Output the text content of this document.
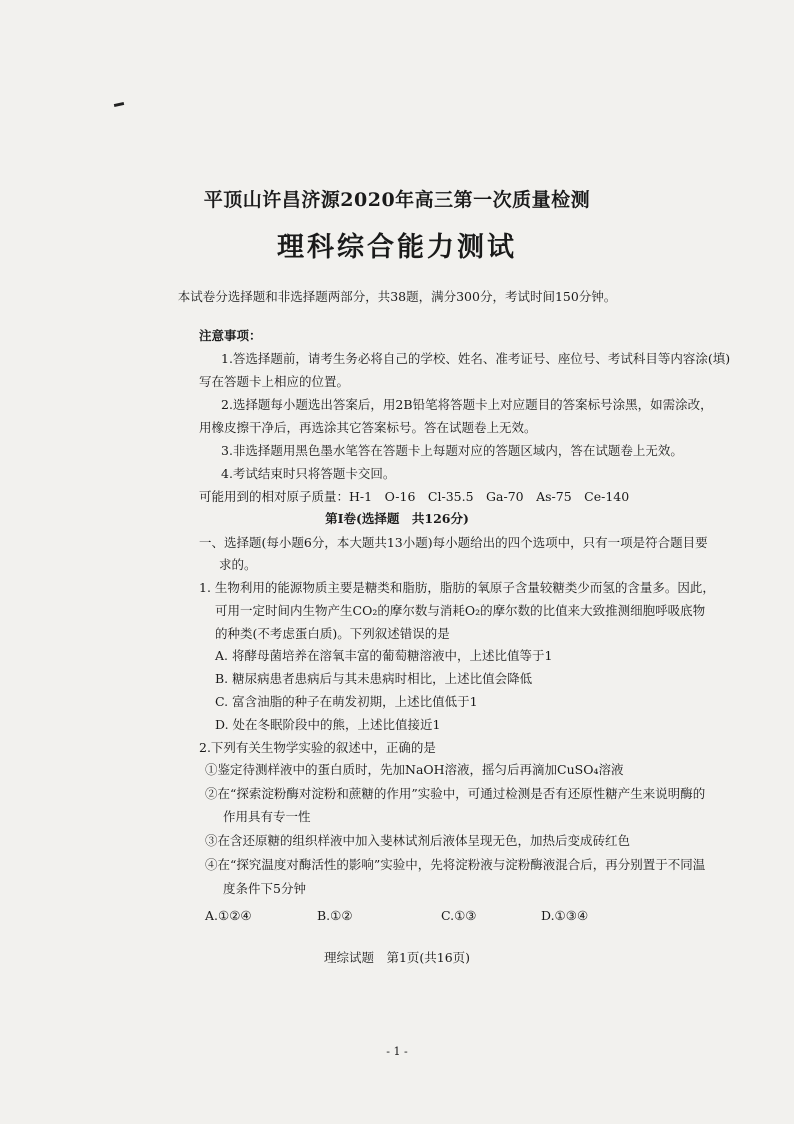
平顶山许昌济源2020年高三第一次质量检测
理科综合能力测试
本试卷分选择题和非选择题两部分，共38题，满分300分，考试时间150分钟。
注意事项：
1.答选择题前，请考生务必将自己的学校、姓名、准考证号、座位号、考试科目等内容涂(填)
写在答题卡上相应的位置。
2.选择题每小题选出答案后，用2B铅笔将答题卡上对应题目的答案标号涂黑，如需涂改，
用橡皮擦干净后，再选涂其它答案标号。答在试题卷上无效。
3.非选择题用黑色墨水笔答在答题卡上每题对应的答题区域内，答在试题卷上无效。
4.考试结束时只将答题卡交回。
可能用到的相对原子质量：H-1　O-16　Cl-35.5　Ga-70　As-75　Ce-140
第Ⅰ卷(选择题　共126分)
一、选择题(每小题6分，本大题共13小题)每小题给出的四个选项中，只有一项是符合题目要
求的。
1. 生物利用的能源物质主要是糖类和脂肪，脂肪的氧原子含量较糖类少而氢的含量多。因此，
可用一定时间内生物产生CO₂的摩尔数与消耗O₂的摩尔数的比值来大致推测细胞呼吸底物
的种类(不考虑蛋白质)。下列叙述错误的是
A. 将酵母菌培养在溶氧丰富的葡萄糖溶液中，上述比值等于1
B. 糖尿病患者患病后与其未患病时相比，上述比值会降低
C. 富含油脂的种子在萌发初期，上述比值低于1
D. 处在冬眠阶段中的熊，上述比值接近1
2.下列有关生物学实验的叙述中，正确的是
①鉴定待测样液中的蛋白质时，先加NaOH溶液，摇匀后再滴加CuSO₄溶液
②在“探索淀粉酶对淀粉和蔗糖的作用”实验中，可通过检测是否有还原性糖产生来说明酶的
作用具有专一性
③在含还原糖的组织样液中加入斐林试剂后液体呈现无色，加热后变成砖红色
④在“探究温度对酶活性的影响”实验中，先将淀粉液与淀粉酶液混合后，再分别置于不同温
度条件下5分钟
A.①②④	B.①②	C.①③	D.①③④
理综试题　第1页(共16页)
- 1 -
